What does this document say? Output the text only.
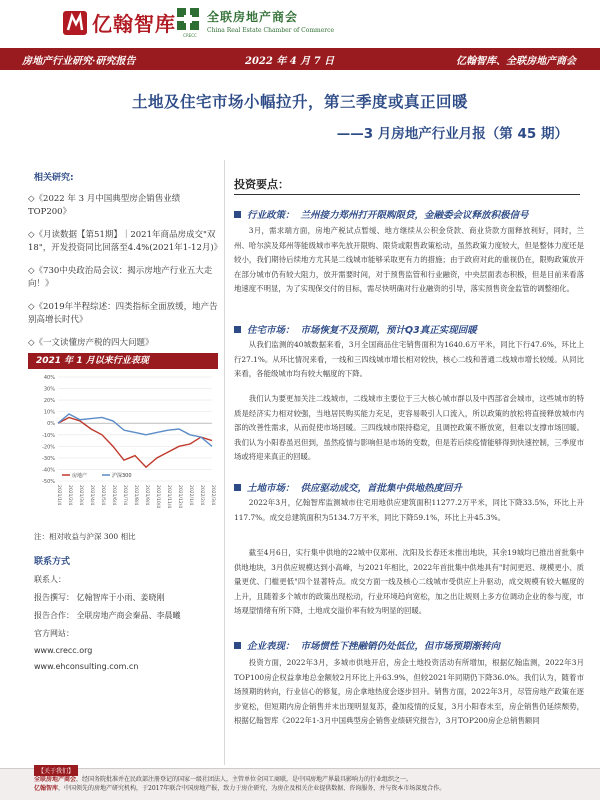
亿翰智库	CRECC
全联房地产商会
China Real Estate Chamber of Commerce
房地产行业研究·研究报告	2022 年 4 月 7 日	亿翰智库、全联房地产商会
土地及住宅市场小幅拉升，第三季度或真正回暖
——3 月房地产行业月报（第 45 期）
相关研究:
◇《2022 年 3 月中国典型房企销售业绩TOP200》
◇《月读数据【第51期】｜2021年商品房成交"双18"，开发投资同比回落至4.4%(2021年1-12月)》
◇《730中央政治局会议：揭示房地产行业五大走向！》
◇《2019年半程综述：四类指标全面放缓，地产告别高增长时代》
◇《一文读懂房产税的四大问题》
2021 年 1 月以来行业表现
40%
30%
20%
10%
0%
-10%
-20%
-30%
-40%
-50%
2021/1/4 2021/2/4 2021/3/4 2021/4/4 2021/5/4 2021/6/4 2021/7/4 2021/8/4 2021/9/4 2021/10/4 2021/11/4 2021/12/4 2022/1/4 2022/2/4 2022/3/4
房地产	沪深300
注：相对收益与沪深 300 相比
联系方式
联系人：
报告撰写： 亿翰智库于小雨、姜晓刚
报告合作： 全联房地产商会秦晶、李晨曦
官方网站：
www.crecc.org
www.ehconsulting.com.cn
投资要点：
行业政策： 兰州接力郑州打开限购限贷，金融委会议释放积极信号
3月，需求端方面，房地产税试点暂缓、地方继续从公积金贷款、商业贷款方面释放利好，同时，兰州、哈尔滨及郑州等能级城市率先放开限购、限贷或限售政策松动，虽然政策力度较大，但是整体力度还是较小，我们期待后续地方尤其是二线城市能够采取更有力的措施；由于政府对此的重视仍在，限购政策放开在部分城市仍有较大阻力，放开需要时间，对于预售监管和行业融资，中央层面表态积极，但是目前来看落地速度不明显，为了实现保交付的目标，需尽快明确对行业融资的引导，落实预售资金监管的调整细化。
住宅市场： 市场恢复不及预期，预计Q3真正实现回暖
从我们监测的40城数据来看，3月全国商品住宅销售面积为1640.6万平米，同比下行47.6%，环比上行27.1%。从环比情况来看，一线和三四线城市增长相对较快，核心二线和普通二线城市增长较缓。从同比来看，各能级城市均有较大幅度的下降。
我们认为要更加关注二线城市，二线城市主要位于三大核心城市群以及中西部省会城市，这些城市的特质是经济实力相对较强，当地居民购买能力充足，吏容易吸引人口流入，所以政策的放松将直接释放城市内部的改善性需求，从而促使市场回暖。三四线城市限持稳定，且调控政策不断放宽，但难以支撑市场回暖。我们认为小阳春虽迟但到，虽然疫情与影响但是市场的变数，但是若后续疫情能够得到快速控制，三季度市场或将迎来真正的回暖。
土地市场： 供应驱动成交，首批集中供地热度回升
2022年3月，亿翰智库监测城市住宅用地供应建筑面积11277.2万平米，同比下降33.5%，环比上升117.7%。成交总建筑面积为5134.7万平米，同比下降59.1%，环比上升45.3%。
截至4月6日，实行集中供地的22城中仅郑州、沈阳及长春还未推出地块，其余19城均已推出首批集中供地地块，3月供应规模达到小高峰，与2021年相比，2022年首批集中供地具有"时间更迟、规模更小、质量更优、门槛更低"四个显著特点。成交方面一线及核心二线城市受供应上升驱动，成交规模有较大幅度的上升，且随着多个城市的政策出现松动，行业环境趋向宽松，加之出让规则上多方位调动企业的参与度，市场观望情绪有所下降，土地成交溢价率有较为明显的回暖。
企业表现： 市场惯性下挫融销仍处低位，但市场预期渐转向
投资方面，2022年3月，多城市供地开启，房企土地投资活动有所增加，根据亿翰监测，2022年3月TOP100房企权益拿地总金额较2月环比上升63.9%，但较2021年同期仍下降36.0%。我们认为，随着市场预期的转向，行业信心的修复，房企拿地热度会逐步回升。销售方面，2022年3月，尽管房地产政策在逐步宽松，但短期内房企销售并未出现明显复苏，叠加疫情的反复，3月小阳春未至，房企销售仍延续颓势，根据亿翰智库《2022年1-3月中国典型房企销售业绩研究报告》，3月TOP200房企总销售额同
【关于我们】
全联房地产商会，经国务院批准并在民政部注册登记的国家一级社团法人，主管单位全国工商联，是中国房地产界最具影响力的行业组织之一。
亿翰智库，中国领先的房地产研究机构，于2017年联合中国房地产报，致力于房企研究，为房企及相关企业提供数据、咨询服务，并与资本市场深度合作。
